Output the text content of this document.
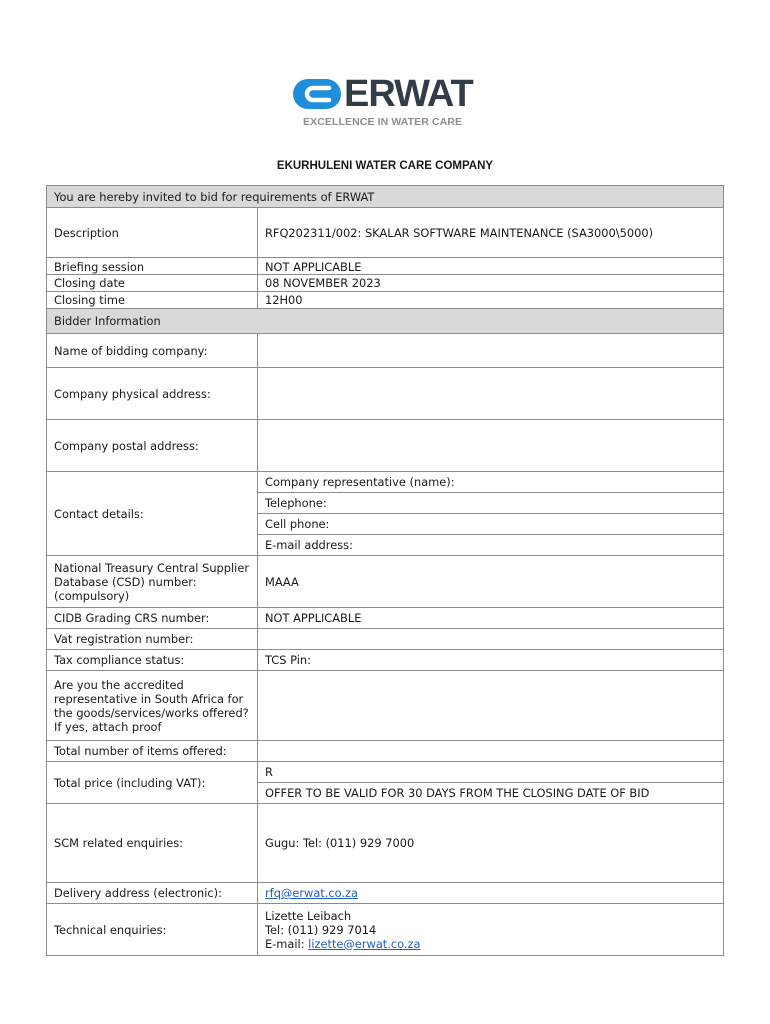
ERWAT
EXCELLENCE IN WATER CARE
EKURHULENI WATER CARE COMPANY
You are hereby invited to bid for requirements of ERWAT	
Description	RFQ202311/002: SKALAR SOFTWARE MAINTENANCE (SA3000\5000)
Briefing session	NOT APPLICABLE
Closing date	08 NOVEMBER 2023
Closing time	12H00
Bidder Information	
Name of bidding company:	
Company physical address:	
Company postal address:	
Contact details:	Company representative (name):
	Telephone:
	Cell phone:
	E-mail address:
National Treasury Central Supplier Database (CSD) number: (compulsory)	MAAA
CIDB Grading CRS number:	NOT APPLICABLE
Vat registration number:	
Tax compliance status:	TCS Pin:
Are you the accredited representative in South Africa for the goods/services/works offered? If yes, attach proof	
Total number of items offered:	
Total price (including VAT):	R
	OFFER TO BE VALID FOR 30 DAYS FROM THE CLOSING DATE OF BID
SCM related enquiries:	Gugu: Tel: (011) 929 7000
Delivery address (electronic):	rfq@erwat.co.za
Technical enquiries:	Lizette Leibach
Tel: (011) 929 7014
E-mail: lizette@erwat.co.za
